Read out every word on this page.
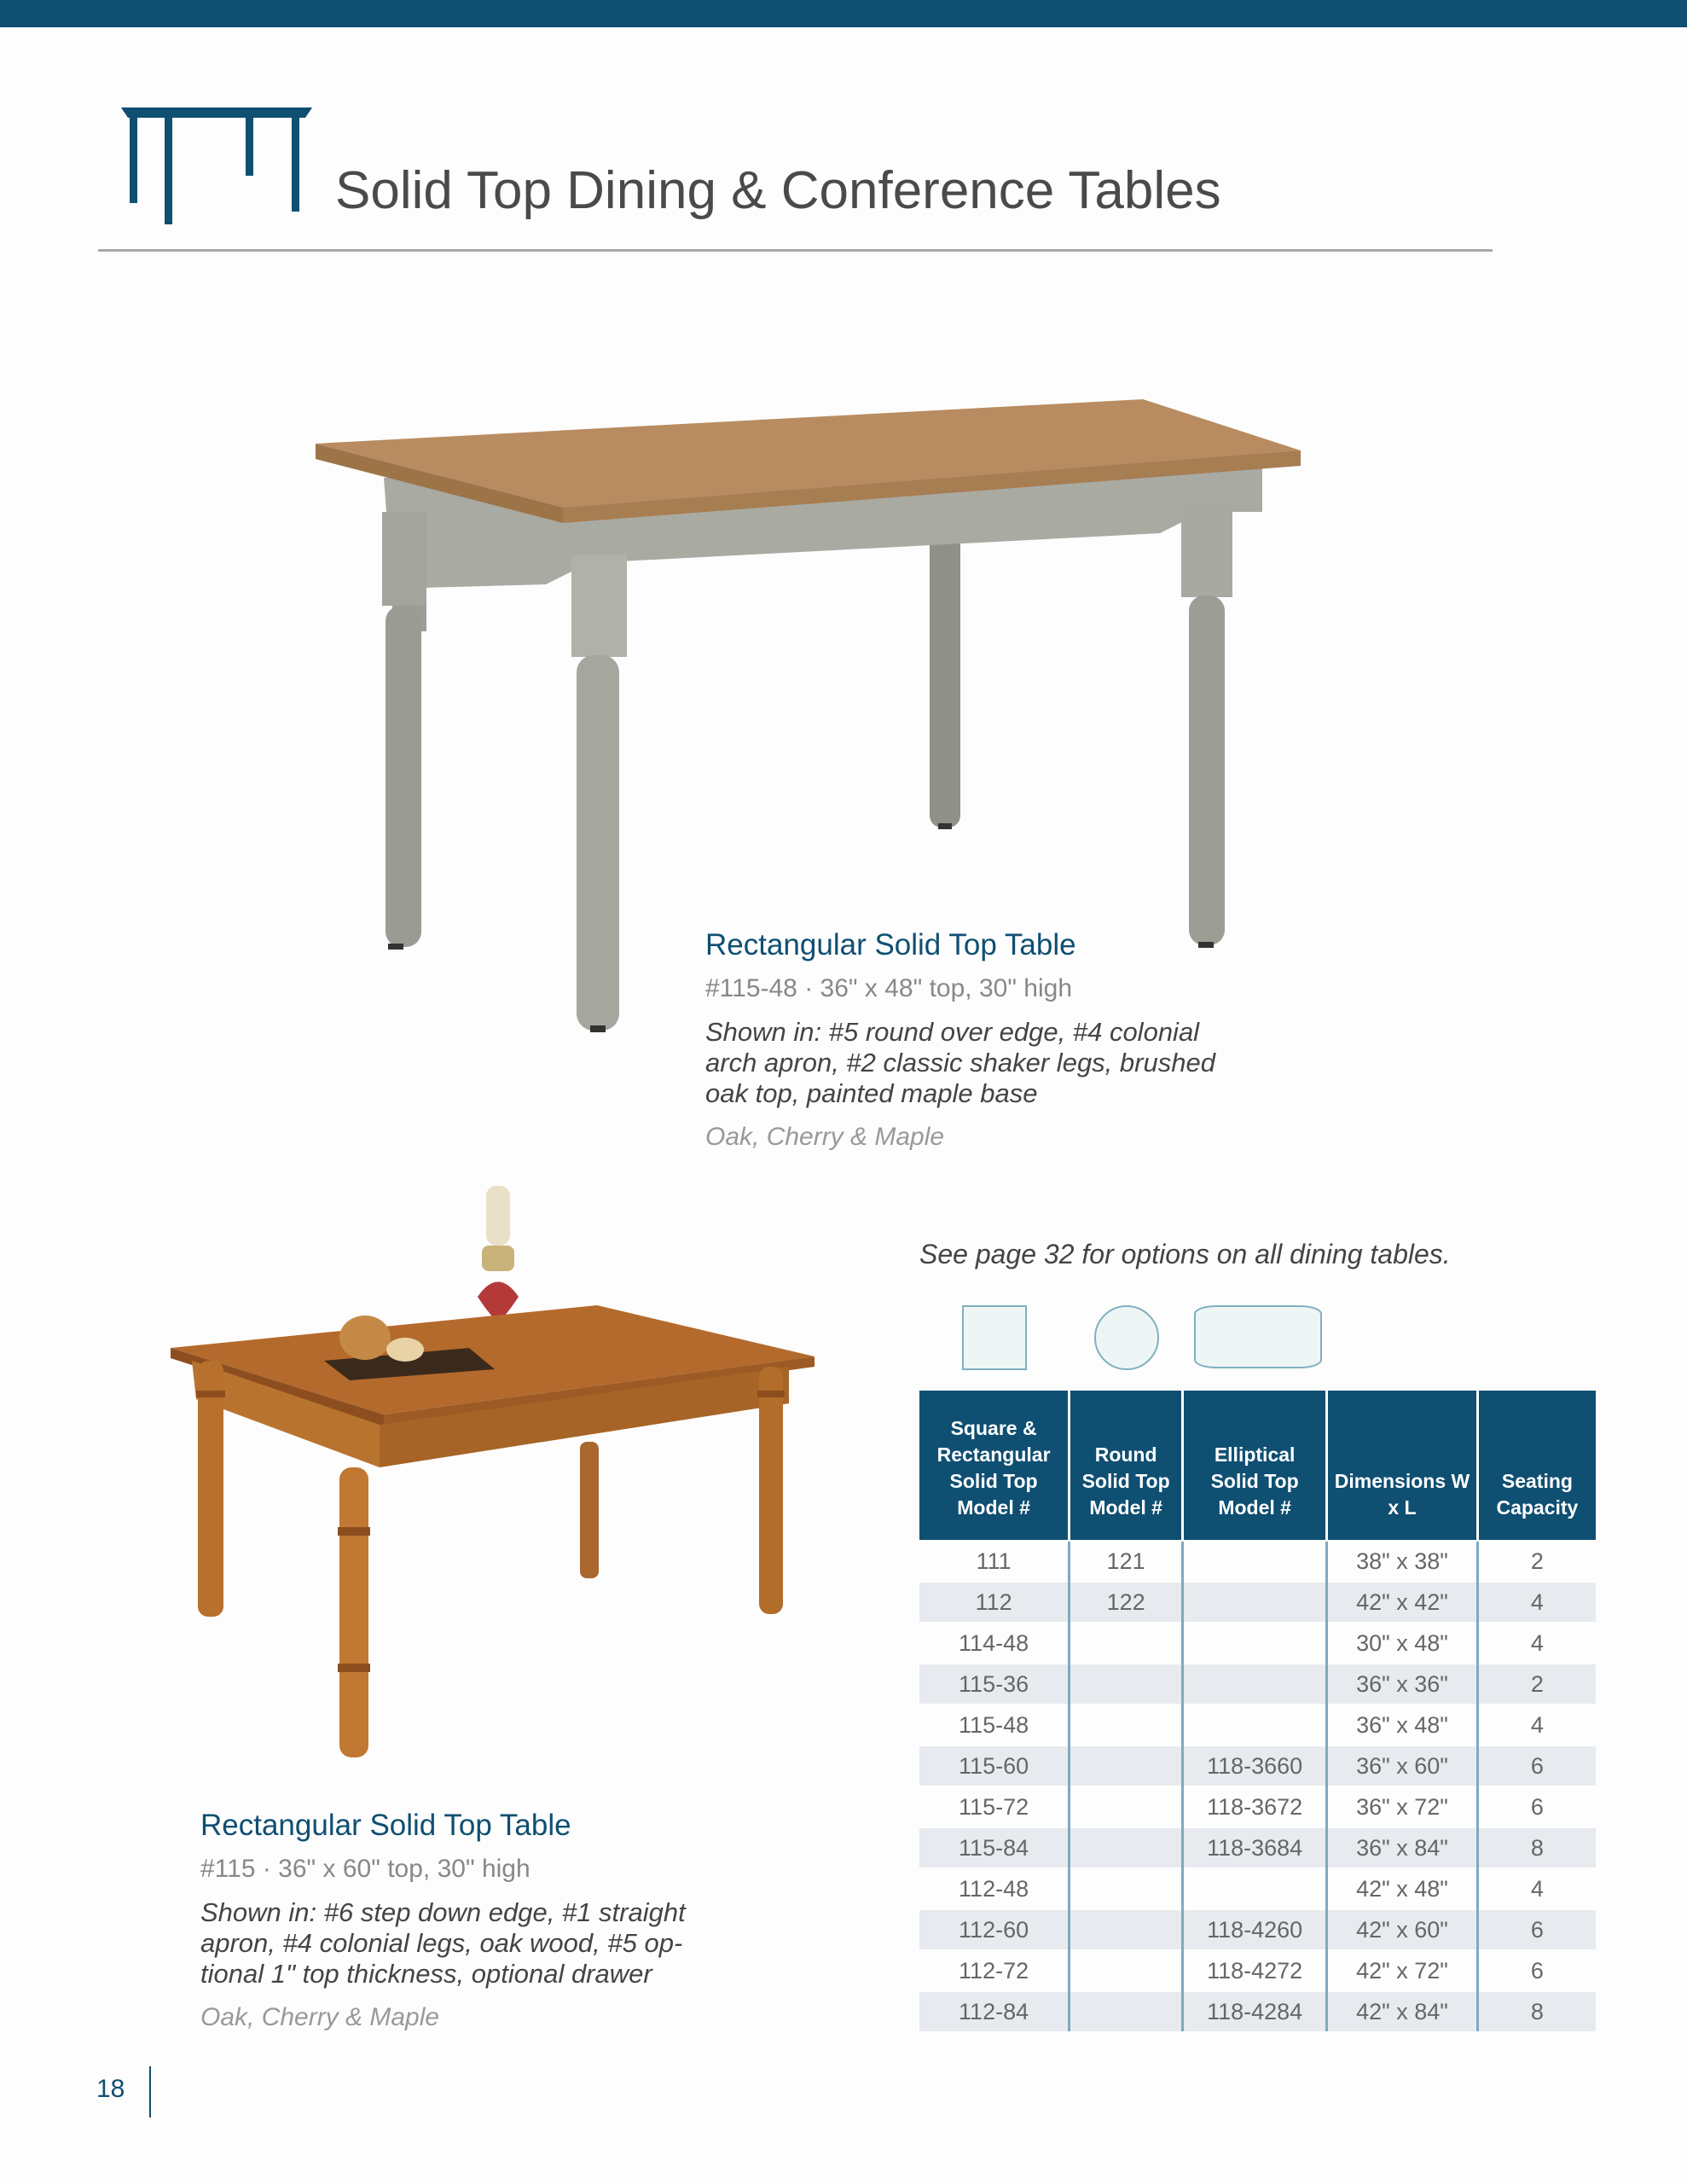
Solid Top Dining & Conference Tables
Rectangular Solid Top Table
#115-48 · 36" x 48" top, 30" high
Shown in: #5 round over edge, #4 colonial arch apron, #2 classic shaker legs, brushed oak top, painted maple base
Oak, Cherry & Maple
Rectangular Solid Top Table
#115 · 36" x 60" top, 30" high
Shown in: #6 step down edge, #1 straight apron, #4 colonial legs, oak wood, #5 optional 1" top thickness, optional drawer
Oak, Cherry & Maple
See page 32 for options on all dining tables.
Square & Rectangular Solid Top Model #	Round Solid Top Model #	Elliptical Solid Top Model #	Dimensions W x L	Seating Capacity
111	121		38" x 38"	2
112	122		42" x 42"	4
114-48			30" x 48"	4
115-36			36" x 36"	2
115-48			36" x 48"	4
115-60		118-3660	36" x 60"	6
115-72		118-3672	36" x 72"	6
115-84		118-3684	36" x 84"	8
112-48			42" x 48"	4
112-60		118-4260	42" x 60"	6
112-72		118-4272	42" x 72"	6
112-84		118-4284	42" x 84"	8
18
